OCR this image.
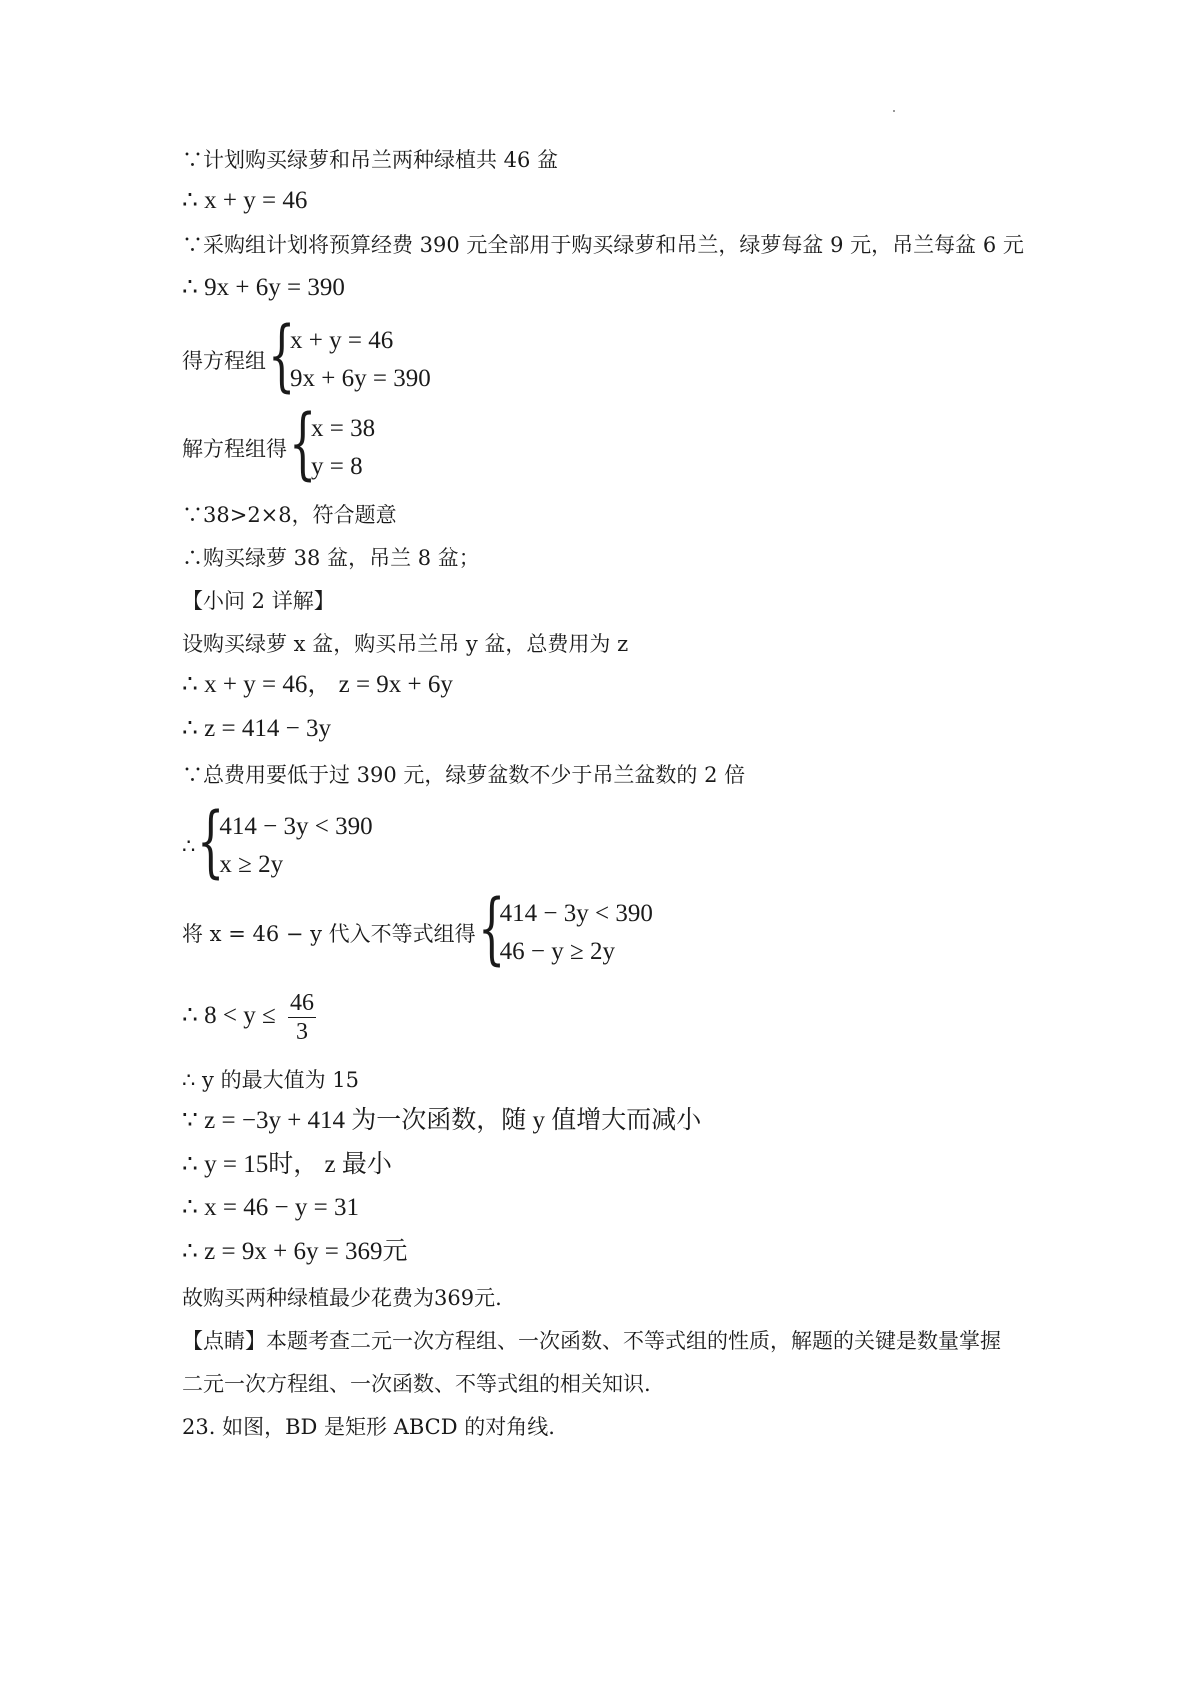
∵计划购买绿萝和吊兰两种绿植共 46 盆
∴ x + y = 46
∵采购组计划将预算经费 390 元全部用于购买绿萝和吊兰，绿萝每盆 9 元，吊兰每盆 6 元
∴ 9x + 6y = 390
得方程组 {
x + y = 46
9x + 6y = 390
解方程组得 {
x = 38
y = 8
∵38>2×8，符合题意
∴购买绿萝 38 盆，吊兰 8 盆；
【小问 2 详解】
设购买绿萝 x 盆，购买吊兰吊 y 盆，总费用为 z
∴ x + y = 46， z = 9x + 6y
∴ z = 414 − 3y
∵总费用要低于过 390 元，绿萝盆数不少于吊兰盆数的 2 倍
∴ {
414 − 3y < 390
x ≥ 2y
将 x = 46 − y 代入不等式组得 {
414 − 3y < 390
46 − y ≥ 2y
∴ $8 < y \le \frac{46}{3}$
∴ y 的最大值为 15
∵ z = −3y + 414 为一次函数，随 y 值增大而减小
∴ y = 15时， z 最小
∴ x = 46 − y = 31
∴ z = 9x + 6y = 369元
故购买两种绿植最少花费为369元.
【点睛】本题考查二元一次方程组、一次函数、不等式组的性质，解题的关键是数量掌握
二元一次方程组、一次函数、不等式组的相关知识.
23. 如图，BD 是矩形 ABCD 的对角线.
